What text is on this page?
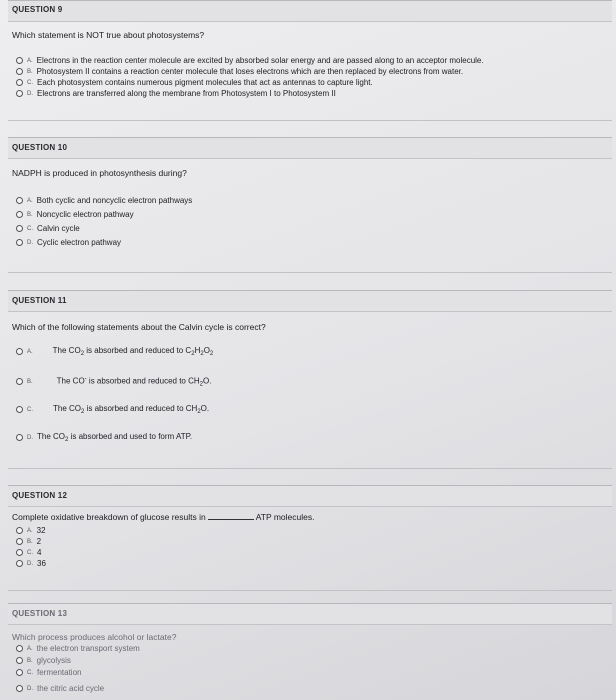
QUESTION 9
Which statement is NOT true about photosystems?
A. Electrons in the reaction center molecule are excited by absorbed solar energy and are passed along to an acceptor molecule.
B. Photosystem II contains a reaction center molecule that loses electrons which are then replaced by electrons from water.
C. Each photosystem contains numerous pigment molecules that act as antennas to capture light.
D. Electrons are transferred along the membrane from Photosystem I to Photosystem II
QUESTION 10
NADPH is produced in photosynthesis during?
A. Both cyclic and noncyclic electron pathways
B. Noncyclic electron pathway
C. Calvin cycle
D. Cyclic electron pathway
QUESTION 11
Which of the following statements about the Calvin cycle is correct?
A.	The $CO_2$ is absorbed and reduced to $C_2H_2O_2$
B.	The CO- is absorbed and reduced to $CH_2O$.
C.	The $CO_2$ is absorbed and reduced to $CH_2O$.
D. The $CO_2$ is absorbed and used to form ATP.
QUESTION 12
Complete oxidative breakdown of glucose results in	ATP molecules.
A. 32
B. 2
C. 4
D. 36
QUESTION 13
Which process produces alcohol or lactate?
A. the electron transport system
B. glycolysis
C. fermentation
D. the citric acid cycle
